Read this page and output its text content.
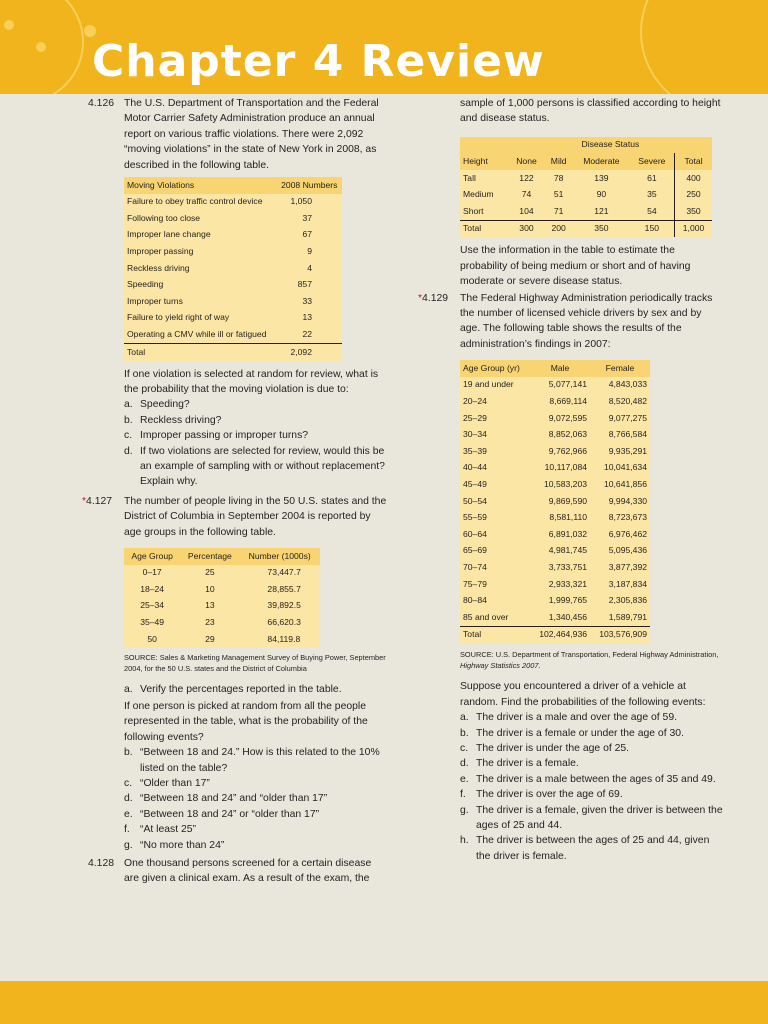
Chapter 4 Review

4.126 The U.S. Department of Transportation and the Federal Motor Carrier Safety Administration produce an annual report on various traffic violations. There were 2,092 “moving violations” in the state of New York in 2008, as described in the following table.

Moving Violations	2008 Numbers
Failure to obey traffic control device	1,050
Following too close	37
Improper lane change	67
Improper passing	9
Reckless driving	4
Speeding	857
Improper turns	33
Failure to yield right of way	13
Operating a CMV while ill or fatigued	22
Total	2,092

If one violation is selected at random for review, what is the probability that the moving violation is due to:

a. Speeding?
b. Reckless driving?
c. Improper passing or improper turns?
d. If two violations are selected for review, would this be an example of sampling with or without replacement? Explain why.

*4.127 The number of people living in the 50 U.S. states and the District of Columbia in September 2004 is reported by age groups in the following table.

Age Group	Percentage	Number (1000s)
0–17	25	73,447.7
18–24	10	28,855.7
25–34	13	39,892.5
35–49	23	66,620.3
50	29	84,119.8

SOURCE: Sales & Marketing Management Survey of Buying Power, September 2004, for the 50 U.S. states and the District of Columbia

a. Verify the percentages reported in the table.

If one person is picked at random from all the people represented in the table, what is the probability of the following events?

b. “Between 18 and 24.” How is this related to the 10% listed on the table?
c. “Older than 17”
d. “Between 18 and 24” and “older than 17”
e. “Between 18 and 24” or “older than 17”
f. “At least 25”
g. “No more than 24”

4.128 One thousand persons screened for a certain disease are given a clinical exam. As a result of the exam, the

sample of 1,000 persons is classified according to height and disease status.

	Disease Status				
Height	None	Mild	Moderate	Severe	Total
Tall	122	78	139	61	400
Medium	74	51	90	35	250
Short	104	71	121	54	350
Total	300	200	350	150	1,000

Use the information in the table to estimate the probability of being medium or short and of having moderate or severe disease status.

*4.129 The Federal Highway Administration periodically tracks the number of licensed vehicle drivers by sex and by age. The following table shows the results of the administration’s findings in 2007:

Age Group (yr)	Male	Female
19 and under	5,077,141	4,843,033
20–24	8,669,114	8,520,482
25–29	9,072,595	9,077,275
30–34	8,852,063	8,766,584
35–39	9,762,966	9,935,291
40–44	10,117,084	10,041,634
45–49	10,583,203	10,641,856
50–54	9,869,590	9,994,330
55–59	8,581,110	8,723,673
60–64	6,891,032	6,976,462
65–69	4,981,745	5,095,436
70–74	3,733,751	3,877,392
75–79	2,933,321	3,187,834
80–84	1,999,765	2,305,836
85 and over	1,340,456	1,589,791
Total	102,464,936	103,576,909

SOURCE: U.S. Department of Transportation, Federal Highway Administration,
Highway Statistics 2007.

Suppose you encountered a driver of a vehicle at random. Find the probabilities of the following events:

a. The driver is a male and over the age of 59.
b. The driver is a female or under the age of 30.
c. The driver is under the age of 25.
d. The driver is a female.
e. The driver is a male between the ages of 35 and 49.
f. The driver is over the age of 69.
g. The driver is a female, given the driver is between the ages of 25 and 44.
h. The driver is between the ages of 25 and 44, given the driver is female.
